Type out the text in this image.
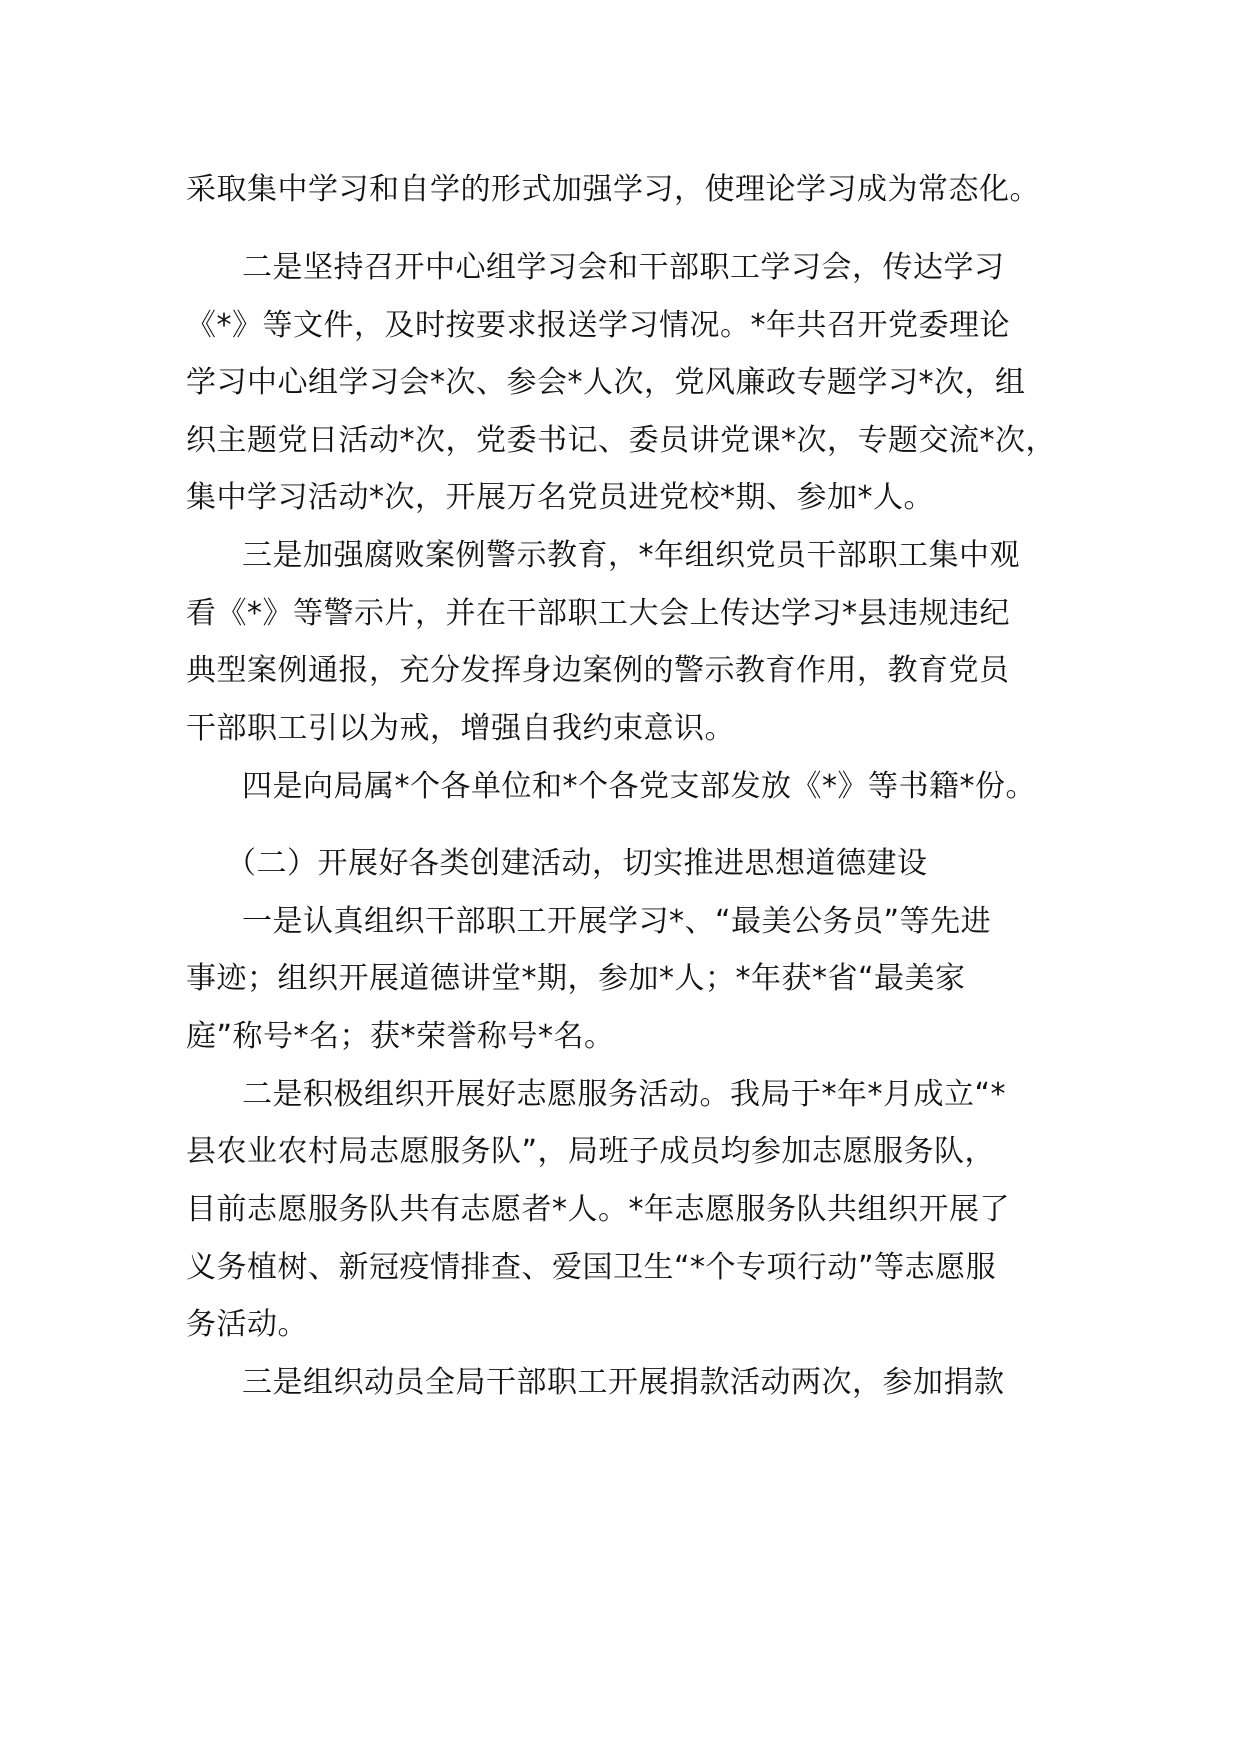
采取集中学习和自学的形式加强学习，使理论学习成为常态化。
二是坚持召开中心组学习会和干部职工学习会，传达学习
《*》等文件，及时按要求报送学习情况。*年共召开党委理论
学习中心组学习会*次、参会*人次，党风廉政专题学习*次，组
织主题党日活动*次，党委书记、委员讲党课*次，专题交流*次，
集中学习活动*次，开展万名党员进党校*期、参加*人。
三是加强腐败案例警示教育，*年组织党员干部职工集中观
看《*》等警示片，并在干部职工大会上传达学习*县违规违纪
典型案例通报，充分发挥身边案例的警示教育作用，教育党员
干部职工引以为戒，增强自我约束意识。
四是向局属*个各单位和*个各党支部发放《*》等书籍*份。
（二）开展好各类创建活动，切实推进思想道德建设
一是认真组织干部职工开展学习*、“最美公务员”等先进
事迹；组织开展道德讲堂*期，参加*人；*年获*省“最美家
庭”称号*名；获*荣誉称号*名。
二是积极组织开展好志愿服务活动。我局于*年*月成立“*
县农业农村局志愿服务队”，局班子成员均参加志愿服务队，
目前志愿服务队共有志愿者*人。*年志愿服务队共组织开展了
义务植树、新冠疫情排查、爱国卫生“*个专项行动”等志愿服
务活动。
三是组织动员全局干部职工开展捐款活动两次，参加捐款
